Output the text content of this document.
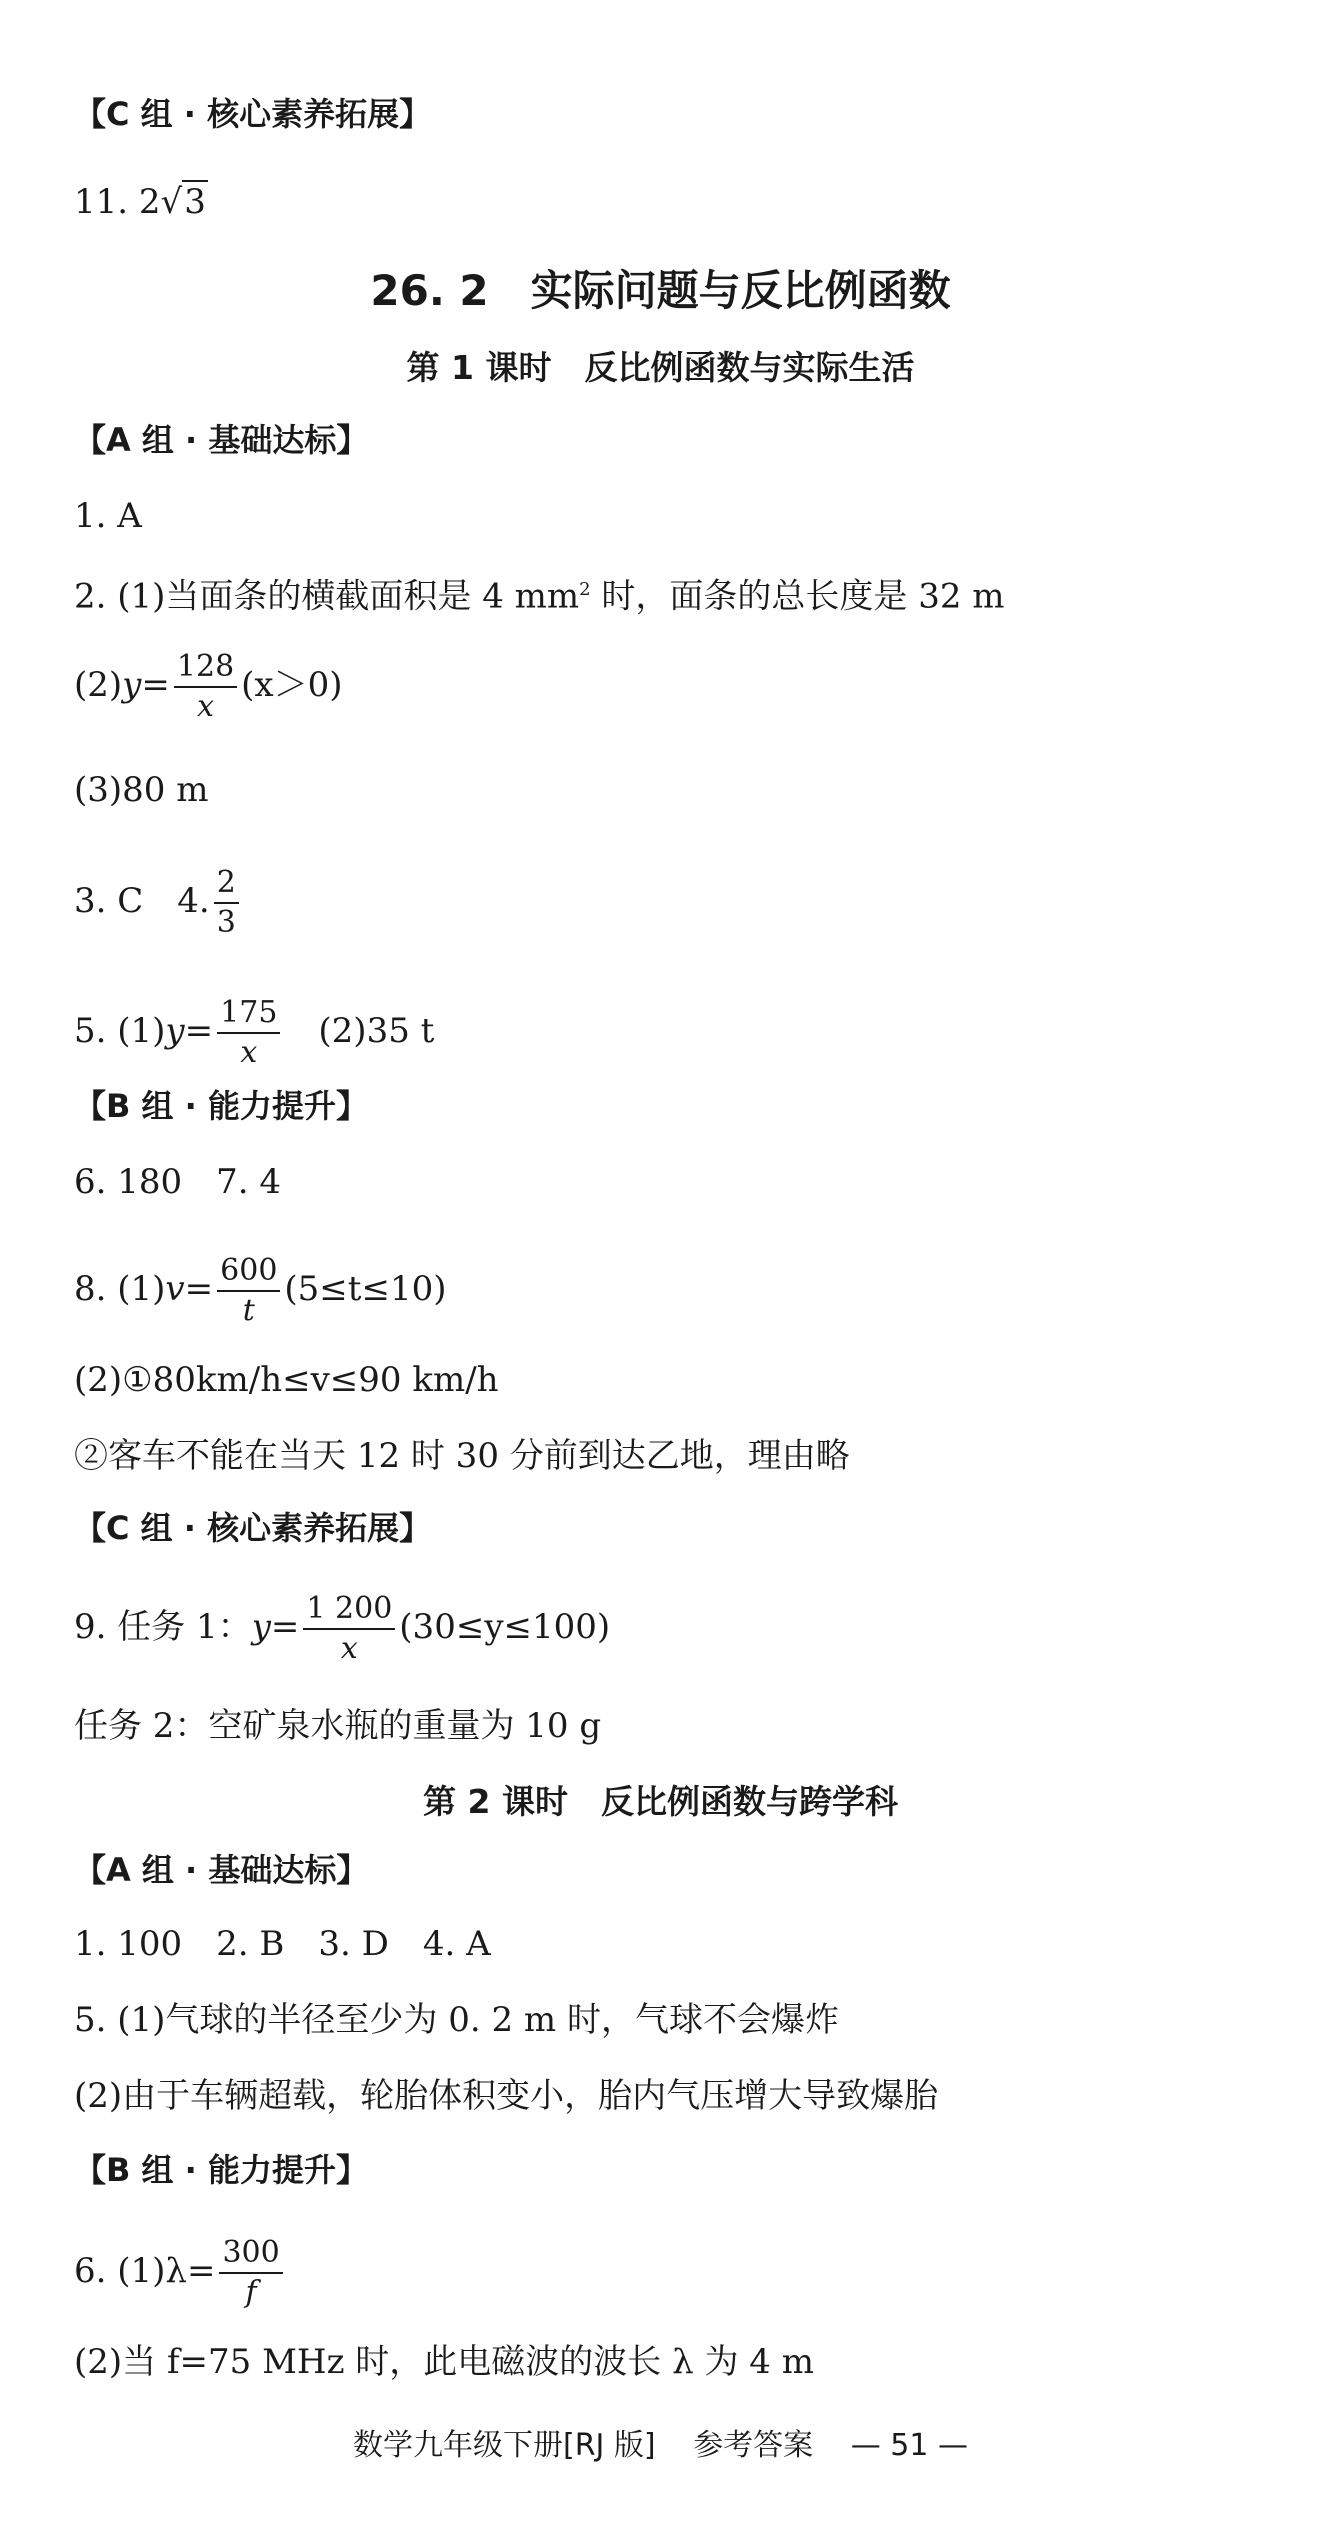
【C 组 · 核心素养拓展】
11. 2√3
26. 2　实际问题与反比例函数
第 1 课时　反比例函数与实际生活
【A 组 · 基础达标】
1. A
2. (1)当面条的横截面积是 4 $mm^2$ 时，面条的总长度是 32 m
$(2)y= \frac{128}{x} (x>0)$
(3)80 m
3. C　4. $\frac{2}{3}$
5. $(1)y= \frac{175}{x}$ 　(2)35 t
【B 组 · 能力提升】
6. 180　7. 4
8. $(1)v= \frac{600}{t} (5\le t\le 10)$
(2)①80km/h≤v≤90 km/h
②客车不能在当天 12 时 30 分前到达乙地，理由略
【C 组 · 核心素养拓展】
9. 任务 1：$y= \frac{1 200}{x} (30\le y\le 100)$
任务 2：空矿泉水瓶的重量为 10 g
第 2 课时　反比例函数与跨学科
【A 组 · 基础达标】
1. 100　2. B　3. D　4. A
5. (1)气球的半径至少为 0. 2 m 时，气球不会爆炸
(2)由于车辆超载，轮胎体积变小，胎内气压增大导致爆胎
【B 组 · 能力提升】
6. $(1)\lambda= \frac{300}{f}$
(2)当 f=75 MHz 时，此电磁波的波长 λ 为 4 m
数学九年级下册[RJ 版] 参考答案 — 51 —
